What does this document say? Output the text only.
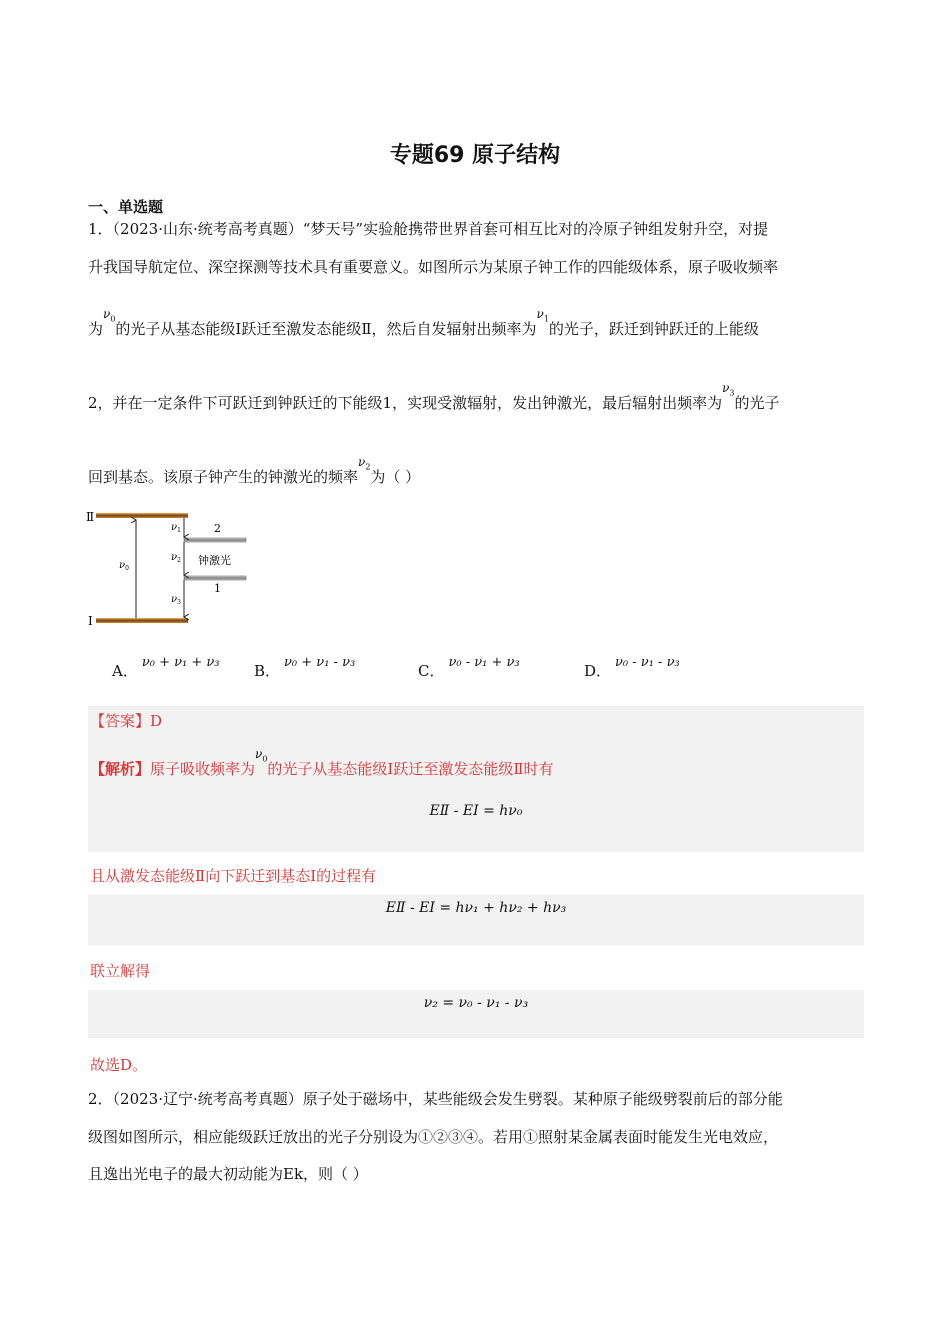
专题69 原子结构
一、单选题
1．（2023·山东·统考高考真题）“梦天号”实验舱携带世界首套可相互比对的冷原子钟组发射升空，对提
升我国导航定位、深空探测等技术具有重要意义。如图所示为某原子钟工作的四能级体系，原子吸收频率
为$^{\nu_0}$的光子从基态能级Ⅰ跃迁至激发态能级Ⅱ，然后自发辐射出频率为$^{\nu_1}$的光子，跃迁到钟跃迁的上能级
2，并在一定条件下可跃迁到钟跃迁的下能级1，实现受激辐射，发出钟激光，最后辐射出频率为$^{\nu_3}$的光子
回到基态。该原子钟产生的钟激光的频率$^{\nu_2}$为（ ）
Ⅱ
Ⅰ
2
1
钟激光
$\nu_0$
$\nu_1$
$\nu_2$
$\nu_3$
A． ν₀ + ν₁ + ν₃ B． ν₀ + ν₁ - ν₃	C． ν₀ - ν₁ + ν₃	D． ν₀ - ν₁ - ν₃
【答案】D
【解析】原子吸收频率为$^{\nu_0}$的光子从基态能级Ⅰ跃迁至激发态能级Ⅱ时有
EⅡ - EⅠ = hν₀
且从激发态能级Ⅱ向下跃迁到基态Ⅰ的过程有
EⅡ - EⅠ = hν₁ + hν₂ + hν₃
联立解得
ν₂ = ν₀ - ν₁ - ν₃
故选D。
2．（2023·辽宁·统考高考真题）原子处于磁场中，某些能级会发生劈裂。某种原子能级劈裂前后的部分能
级图如图所示，相应能级跃迁放出的光子分别设为①②③④。若用①照射某金属表面时能发生光电效应，
且逸出光电子的最大初动能为Ek，则（ ）
